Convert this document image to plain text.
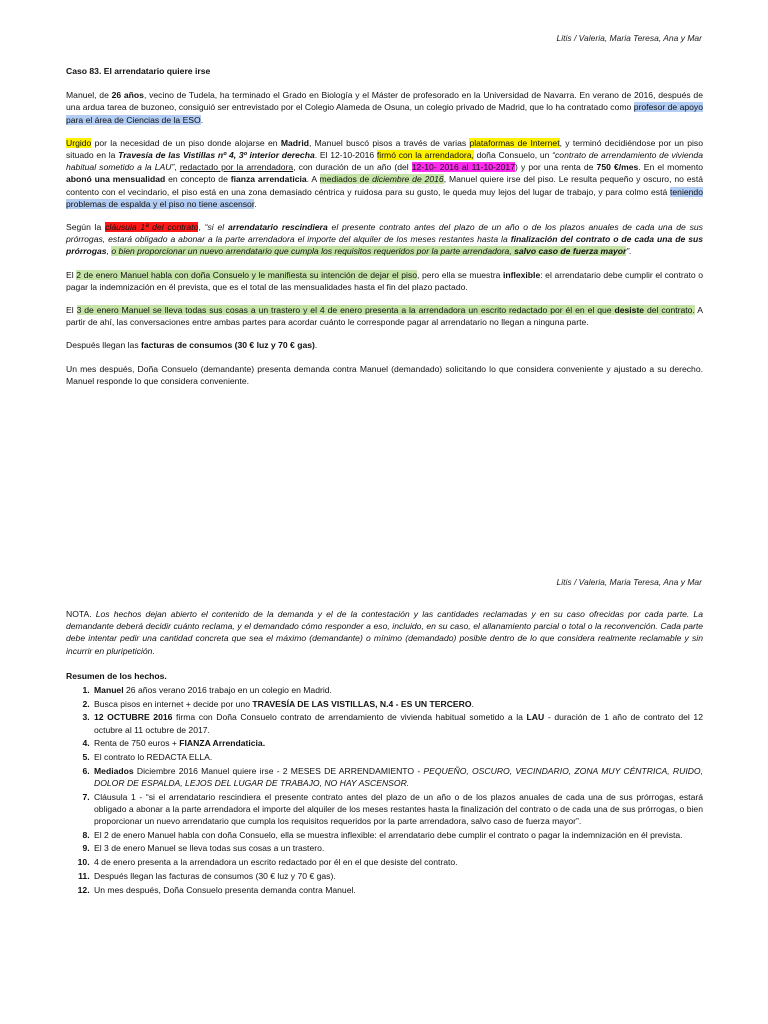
Litis / Valeria, Maria Teresa, Ana y Mar

Caso 83. El arrendatario quiere irse

Manuel, de 26 años, vecino de Tudela, ha terminado el Grado en Biología y el Máster de profesorado en la Universidad de Navarra. En verano de 2016, después de una ardua tarea de buzoneo, consiguió ser entrevistado por el Colegio Alameda de Osuna, un colegio privado de Madrid, que lo ha contratado como profesor de apoyo para el área de Ciencias de la ESO.

Urgido por la necesidad de un piso donde alojarse en Madrid, Manuel buscó pisos a través de varias plataformas de Internet, y terminó decidiéndose por un piso situado en la Travesía de las Vistillas nº 4, 3º interior derecha. El 12-10-2016 firmó con la arrendadora, doña Consuelo, un “contrato de arrendamiento de vivienda habitual sometido a la LAU”, redactado por la arrendadora, con duración de un año (del 12-10- 2016 al 11-10-2017) y por una renta de 750 €/mes. En el momento abonó una mensualidad en concepto de fianza arrendaticia. A mediados de diciembre de 2016, Manuel quiere irse del piso. Le resulta pequeño y oscuro, no está contento con el vecindario, el piso está en una zona demasiado céntrica y ruidosa para su gusto, le queda muy lejos del lugar de trabajo, y para colmo está teniendo problemas de espalda y el piso no tiene ascensor.

Según la cláusula 1ª del contrato, “si el arrendatario rescindiera el presente contrato antes del plazo de un año o de los plazos anuales de cada una de sus prórrogas, estará obligado a abonar a la parte arrendadora el importe del alquiler de los meses restantes hasta la finalización del contrato o de cada una de sus prórrogas, o bien proporcionar un nuevo arrendatario que cumpla los requisitos requeridos por la parte arrendadora, salvo caso de fuerza mayor”.

El 2 de enero Manuel habla con doña Consuelo y le manifiesta su intención de dejar el piso, pero ella se muestra inflexible: el arrendatario debe cumplir el contrato o pagar la indemnización en él prevista, que es el total de las mensualidades hasta el fin del plazo pactado.

El 3 de enero Manuel se lleva todas sus cosas a un trastero y el 4 de enero presenta a la arrendadora un escrito redactado por él en el que desiste del contrato. A partir de ahí, las conversaciones entre ambas partes para acordar cuánto le corresponde pagar al arrendatario no llegan a ninguna parte.

Después llegan las facturas de consumos (30 € luz y 70 € gas).

Un mes después, Doña Consuelo (demandante) presenta demanda contra Manuel (demandado) solicitando lo que considera conveniente y ajustado a su derecho. Manuel responde lo que considera conveniente.

Litis / Valeria, Maria Teresa, Ana y Mar

NOTA. Los hechos dejan abierto el contenido de la demanda y el de la contestación y las cantidades reclamadas y en su caso ofrecidas por cada parte. La demandante deberá decidir cuánto reclama, y el demandado cómo responder a eso, incluido, en su caso, el allanamiento parcial o total o la reconvención. Cada parte debe intentar pedir una cantidad concreta que sea el máximo (demandante) o mínimo (demandado) posible dentro de lo que considera realmente reclamable y sin incurrir en pluripetición.

Resumen de los hechos.
1. Manuel 26 años verano 2016 trabajo en un colegio en Madrid.
2. Busca pisos en internet + decide por uno TRAVESÍA DE LAS VISTILLAS, N.4 - ES UN TERCERO.
3. 12 OCTUBRE 2016 firma con Doña Consuelo contrato de arrendamiento de vivienda habitual sometido a la LAU - duración de 1 año de contrato del 12 octubre al 11 octubre de 2017.
4. Renta de 750 euros + FIANZA Arrendaticia.
5. El contrato lo REDACTA ELLA.
6. Mediados Diciembre 2016 Manuel quiere irse - 2 MESES DE ARRENDAMIENTO - PEQUEÑO, OSCURO, VECINDARIO, ZONA MUY CÉNTRICA, RUIDO, DOLOR DE ESPALDA, LEJOS DEL LUGAR DE TRABAJO, NO HAY ASCENSOR.
7. Cláusula 1 - “si el arrendatario rescindiera el presente contrato antes del plazo de un año o de los plazos anuales de cada una de sus prórrogas, estará obligado a abonar a la parte arrendadora el importe del alquiler de los meses restantes hasta la finalización del contrato o de cada una de sus prórrogas, o bien proporcionar un nuevo arrendatario que cumpla los requisitos requeridos por la parte arrendadora, salvo caso de fuerza mayor”.
8. El 2 de enero Manuel habla con doña Consuelo, ella se muestra inflexible: el arrendatario debe cumplir el contrato o pagar la indemnización en él prevista.
9. El 3 de enero Manuel se lleva todas sus cosas a un trastero.
10. 4 de enero presenta a la arrendadora un escrito redactado por él en el que desiste del contrato.
11. Después llegan las facturas de consumos (30 € luz y 70 € gas).
12. Un mes después, Doña Consuelo presenta demanda contra Manuel.
